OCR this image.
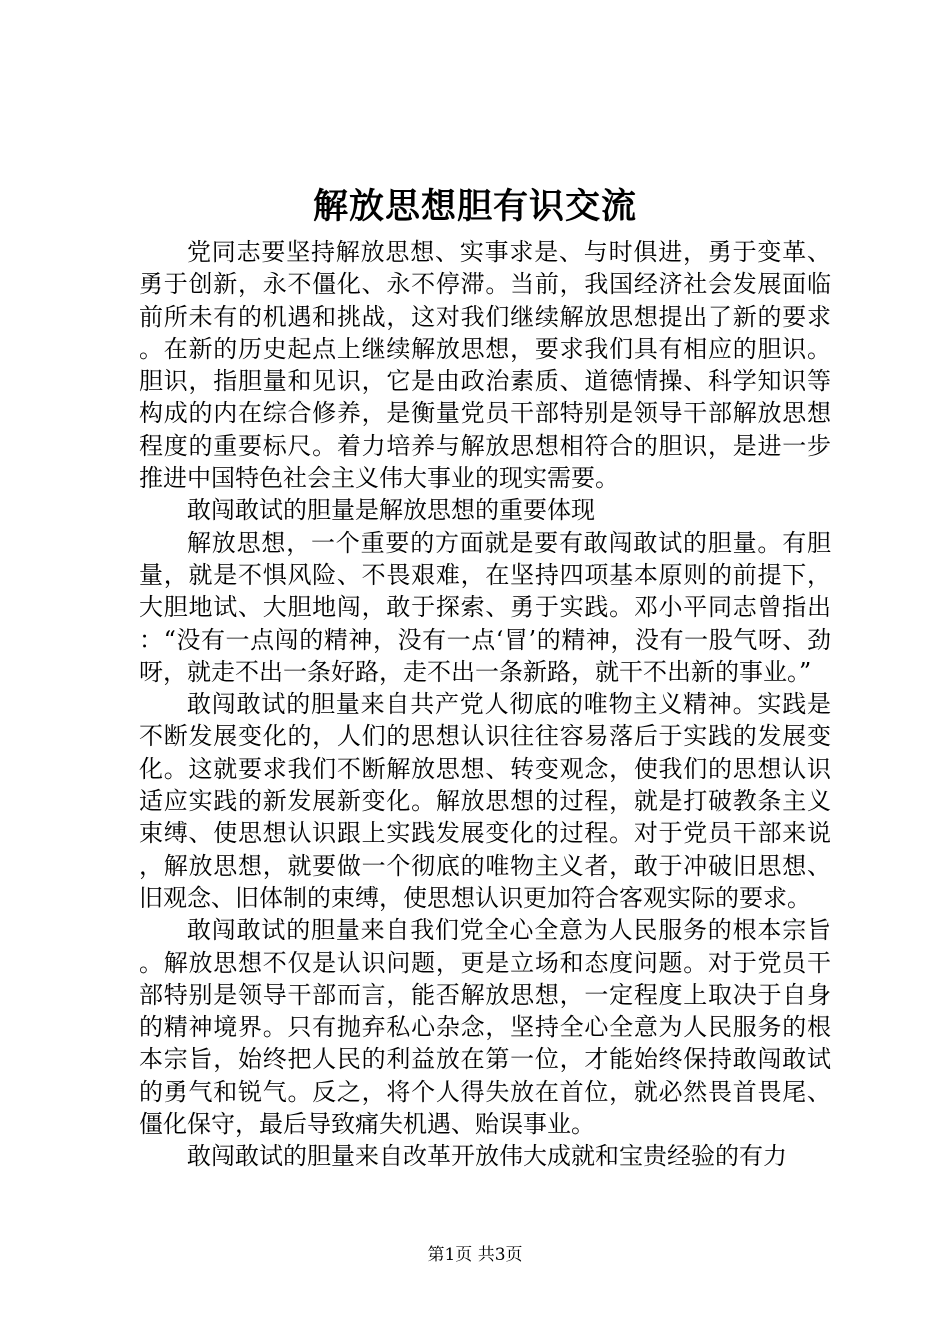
解放思想胆有识交流

党同志要坚持解放思想、实事求是、与时俱进，勇于变革、勇于创新，永不僵化、永不停滞。当前，我国经济社会发展面临前所未有的机遇和挑战，这对我们继续解放思想提出了新的要求。在新的历史起点上继续解放思想，要求我们具有相应的胆识。胆识，指胆量和见识，它是由政治素质、道德情操、科学知识等构成的内在综合修养，是衡量党员干部特别是领导干部解放思想程度的重要标尺。着力培养与解放思想相符合的胆识，是进一步推进中国特色社会主义伟大事业的现实需要。

敢闯敢试的胆量是解放思想的重要体现

解放思想，一个重要的方面就是要有敢闯敢试的胆量。有胆量，就是不惧风险、不畏艰难，在坚持四项基本原则的前提下，大胆地试、大胆地闯，敢于探索、勇于实践。邓小平同志曾指出：“没有一点闯的精神，没有一点‘冒’的精神，没有一股气呀、劲呀，就走不出一条好路，走不出一条新路，就干不出新的事业。”

敢闯敢试的胆量来自共产党人彻底的唯物主义精神。实践是不断发展变化的，人们的思想认识往往容易落后于实践的发展变化。这就要求我们不断解放思想、转变观念，使我们的思想认识适应实践的新发展新变化。解放思想的过程，就是打破教条主义束缚、使思想认识跟上实践发展变化的过程。对于党员干部来说，解放思想，就要做一个彻底的唯物主义者，敢于冲破旧思想、旧观念、旧体制的束缚，使思想认识更加符合客观实际的要求。

敢闯敢试的胆量来自我们党全心全意为人民服务的根本宗旨。解放思想不仅是认识问题，更是立场和态度问题。对于党员干部特别是领导干部而言，能否解放思想，一定程度上取决于自身的精神境界。只有抛弃私心杂念，坚持全心全意为人民服务的根本宗旨，始终把人民的利益放在第一位，才能始终保持敢闯敢试的勇气和锐气。反之，将个人得失放在首位，就必然畏首畏尾、僵化保守，最后导致痛失机遇、贻误事业。

敢闯敢试的胆量来自改革开放伟大成就和宝贵经验的有力

第1页 共3页
